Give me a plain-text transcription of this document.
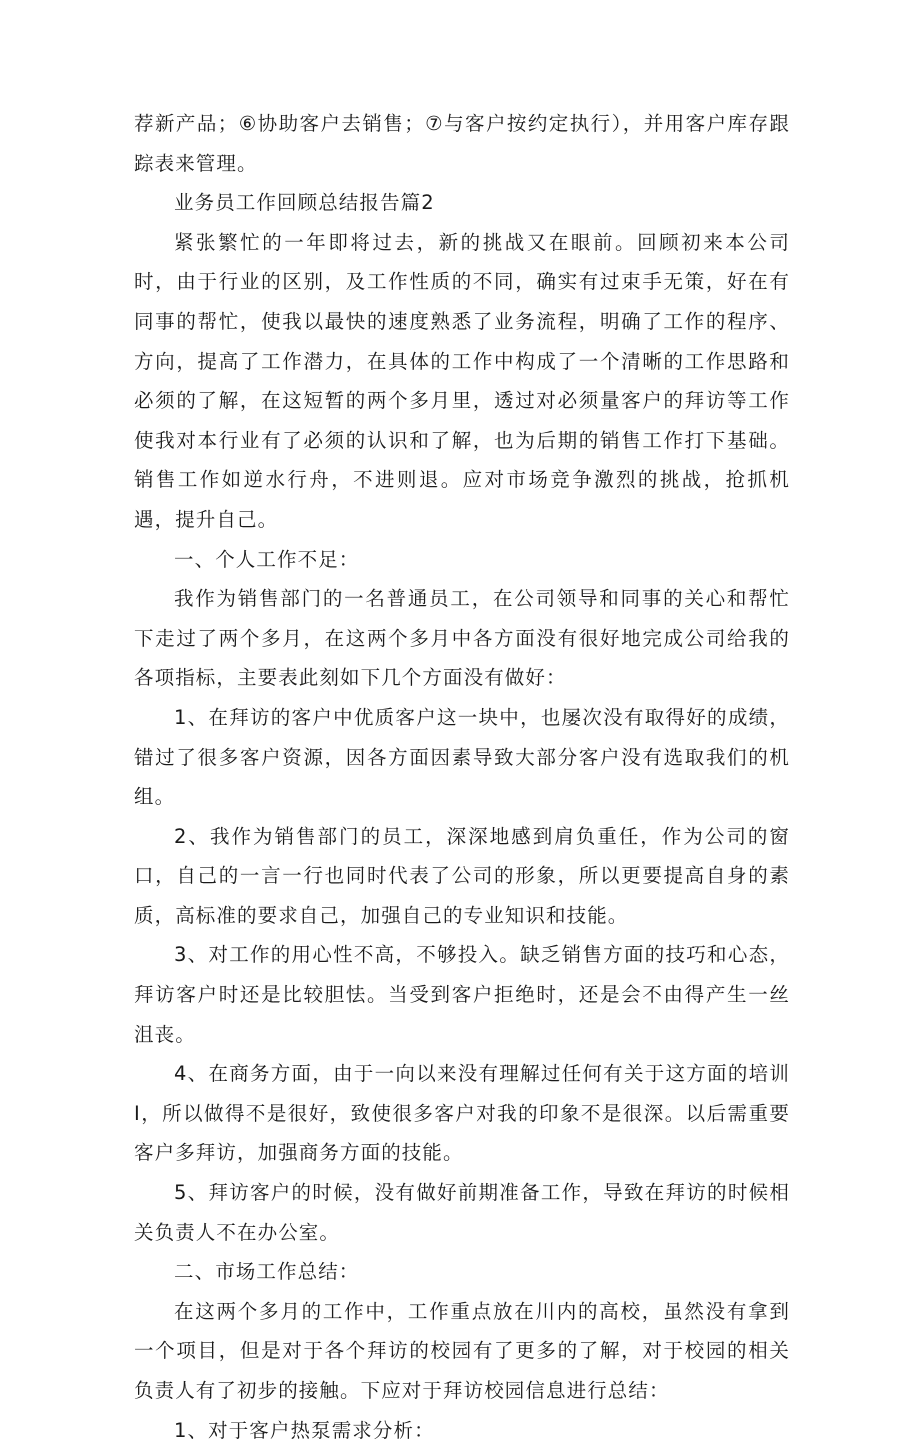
荐新产品；⑥协助客户去销售；⑦与客户按约定执行），并用客户库存跟踪表来管理。

业务员工作回顾总结报告篇2

紧张繁忙的一年即将过去，新的挑战又在眼前。回顾初来本公司时，由于行业的区别，及工作性质的不同，确实有过束手无策，好在有同事的帮忙，使我以最快的速度熟悉了业务流程，明确了工作的程序、方向，提高了工作潜力，在具体的工作中构成了一个清晰的工作思路和必须的了解，在这短暂的两个多月里，透过对必须量客户的拜访等工作使我对本行业有了必须的认识和了解，也为后期的销售工作打下基础。销售工作如逆水行舟，不进则退。应对市场竞争激烈的挑战，抢抓机遇，提升自己。

一、个人工作不足：

我作为销售部门的一名普通员工，在公司领导和同事的关心和帮忙下走过了两个多月，在这两个多月中各方面没有很好地完成公司给我的各项指标，主要表此刻如下几个方面没有做好：

1、在拜访的客户中优质客户这一块中，也屡次没有取得好的成绩，错过了很多客户资源，因各方面因素导致大部分客户没有选取我们的机组。

2、我作为销售部门的员工，深深地感到肩负重任，作为公司的窗口，自己的一言一行也同时代表了公司的形象，所以更要提高自身的素质，高标准的要求自己，加强自己的专业知识和技能。

3、对工作的用心性不高，不够投入。缺乏销售方面的技巧和心态，拜访客户时还是比较胆怯。当受到客户拒绝时，还是会不由得产生一丝沮丧。

4、在商务方面，由于一向以来没有理解过任何有关于这方面的培训I，所以做得不是很好，致使很多客户对我的印象不是很深。以后需重要客户多拜访，加强商务方面的技能。

5、拜访客户的时候，没有做好前期准备工作，导致在拜访的时候相关负责人不在办公室。

二、市场工作总结：

在这两个多月的工作中，工作重点放在川内的高校，虽然没有拿到一个项目，但是对于各个拜访的校园有了更多的了解，对于校园的相关负责人有了初步的接触。下应对于拜访校园信息进行总结：

1、对于客户热泵需求分析：
